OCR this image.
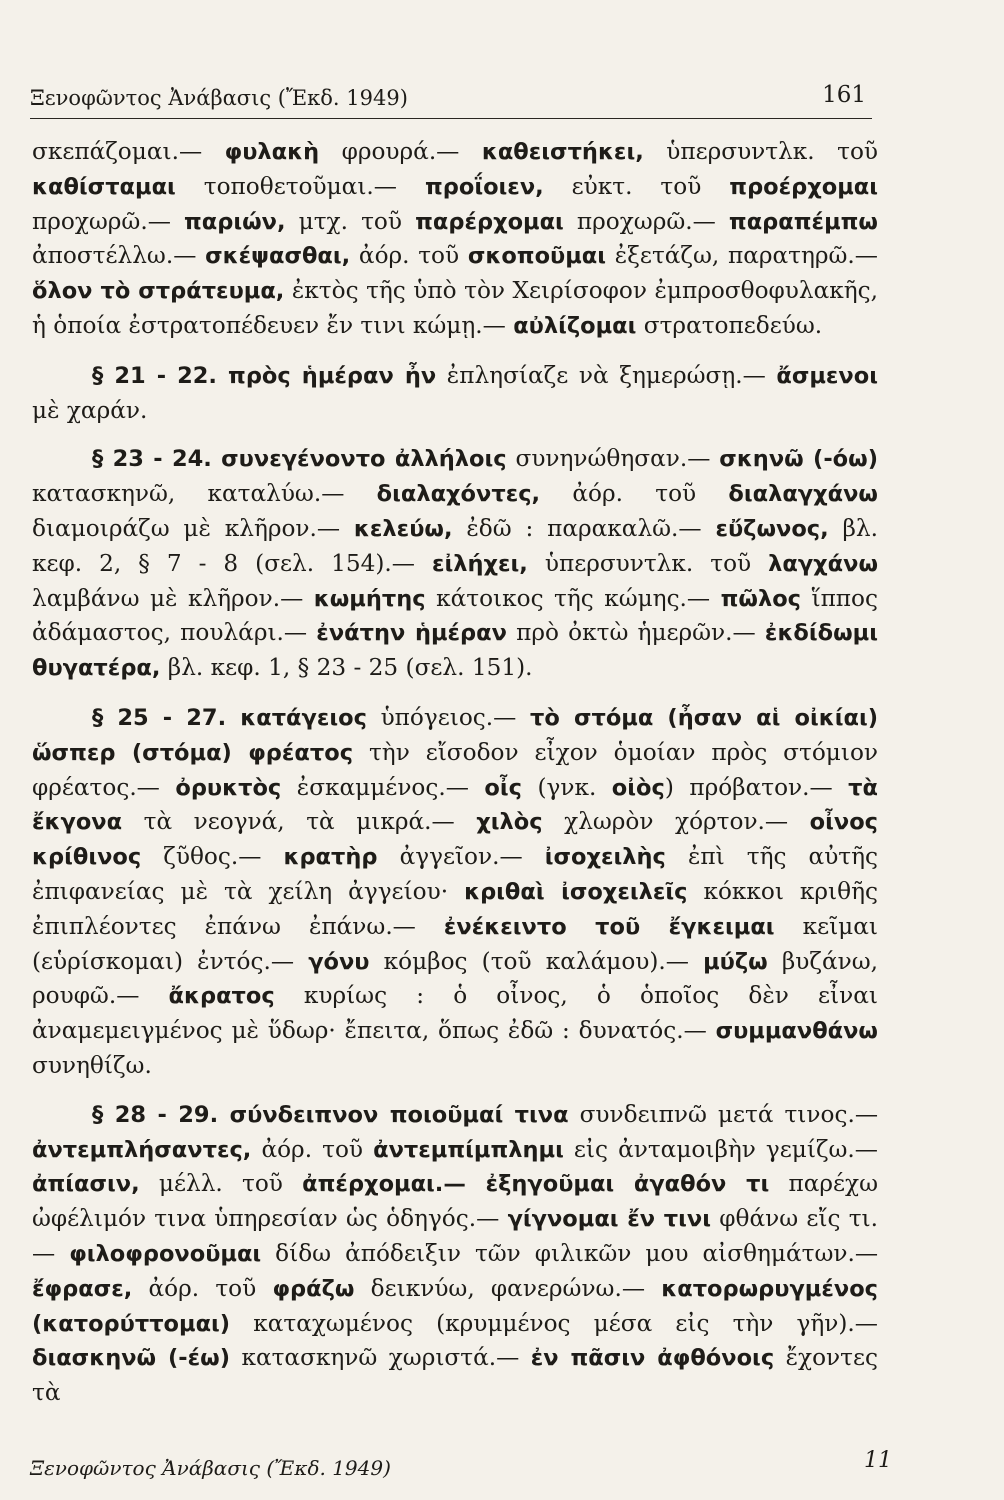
Ξενοφῶντος Ἀνάβασις (Ἔκδ. 1949)	161

σκεπάζομαι.— φυλακὴ φρουρά.— καθειστήκει, ὑπερσυντλκ. τοῦ καθίσταμαι τοποθετοῦμαι.— προΐοιεν, εὐκτ. τοῦ προέρχομαι προχωρῶ.— παριών, μτχ. τοῦ παρέρχομαι προχωρῶ.— παραπέμπω ἀποστέλλω.— σκέψασθαι, ἀόρ. τοῦ σκοποῦμαι ἐξετάζω, παρατηρῶ.— ὅλον τὸ στράτευμα, ἐκτὸς τῆς ὑπὸ τὸν Χειρίσοφον ἐμπροσθοφυλακῆς, ἡ ὁποία ἐστρατοπέδευεν ἔν τινι κώμῃ.— αὐλίζομαι στρατοπεδεύω.

§ 21 - 22. πρὸς ἡμέραν ἦν ἐπλησίαζε νὰ ξημερώσῃ.— ἄσμενοι μὲ χαράν.

§ 23 - 24. συνεγένοντο ἀλλήλοις συνηνώθησαν.— σκηνῶ (-όω) κατασκηνῶ, καταλύω.— διαλαχόντες, ἀόρ. τοῦ διαλαγχάνω διαμοιράζω μὲ κλῆρον.— κελεύω, ἐδῶ : παρακαλῶ.— εὔζωνος, βλ. κεφ. 2, § 7 - 8 (σελ. 154).— εἰλήχει, ὑπερσυντλκ. τοῦ λαγχάνω λαμβάνω μὲ κλῆρον.— κωμήτης κάτοικος τῆς κώμης.— πῶλος ἵππος ἀδάμαστος, πουλάρι.— ἐνάτην ἡμέραν πρὸ ὀκτὼ ἡμερῶν.— ἐκδίδωμι θυγατέρα, βλ. κεφ. 1, § 23 - 25 (σελ. 151).

§ 25 - 27. κατάγειος ὑπόγειος.— τὸ στόμα (ἦσαν αἱ οἰκίαι) ὥσπερ (στόμα) φρέατος τὴν εἴσοδον εἶχον ὁμοίαν πρὸς στόμιον φρέατος.— ὀρυκτὸς ἐσκαμμένος.— οἶς (γνκ. οἰὸς) πρόβατον.— τὰ ἔκγονα τὰ νεογνά, τὰ μικρά.— χιλὸς χλωρὸν χόρτον.— οἶνος κρίθινος ζῦθος.— κρατὴρ ἀγγεῖον.— ἰσοχειλὴς ἐπὶ τῆς αὐτῆς ἐπιφανείας μὲ τὰ χείλη ἀγγείου· κριθαὶ ἰσοχειλεῖς κόκκοι κριθῆς ἐπιπλέοντες ἐπάνω ἐπάνω.— ἐνέκειντο τοῦ ἔγκειμαι κεῖμαι (εὑρίσκομαι) ἐντός.— γόνυ κόμβος (τοῦ καλάμου).— μύζω βυζάνω, ρουφῶ.— ἄκρατος κυρίως : ὁ οἶνος, ὁ ὁποῖος δὲν εἶναι ἀναμεμειγμένος μὲ ὕδωρ· ἔπειτα, ὅπως ἐδῶ : δυνατός.— συμμανθάνω συνηθίζω.

§ 28 - 29. σύνδειπνον ποιοῦμαί τινα συνδειπνῶ μετά τινος.— ἀντεμπλήσαντες, ἀόρ. τοῦ ἀντεμπίμπλημι εἰς ἀνταμοιβὴν γεμίζω.— ἀπίασιν, μέλλ. τοῦ ἀπέρχομαι.— ἐξηγοῦμαι ἀγαθόν τι παρέχω ὠφέλιμόν τινα ὑπηρεσίαν ὡς ὁδηγός.— γίγνομαι ἔν τινι φθάνω εἴς τι.— φιλοφρονοῦμαι δίδω ἀπόδειξιν τῶν φιλικῶν μου αἰσθημάτων.— ἔφρασε, ἀόρ. τοῦ φράζω δεικνύω, φανερώνω.— κατορωρυγμένος (κατορύττομαι) καταχωμένος (κρυμμένος μέσα εἰς τὴν γῆν).— διασκηνῶ (-έω) κατασκηνῶ χωριστά.— ἐν πᾶσιν ἀφθόνοις ἔχοντες τὰ

Ξενοφῶντος Ἀνάβασις (Ἔκδ. 1949)	11
